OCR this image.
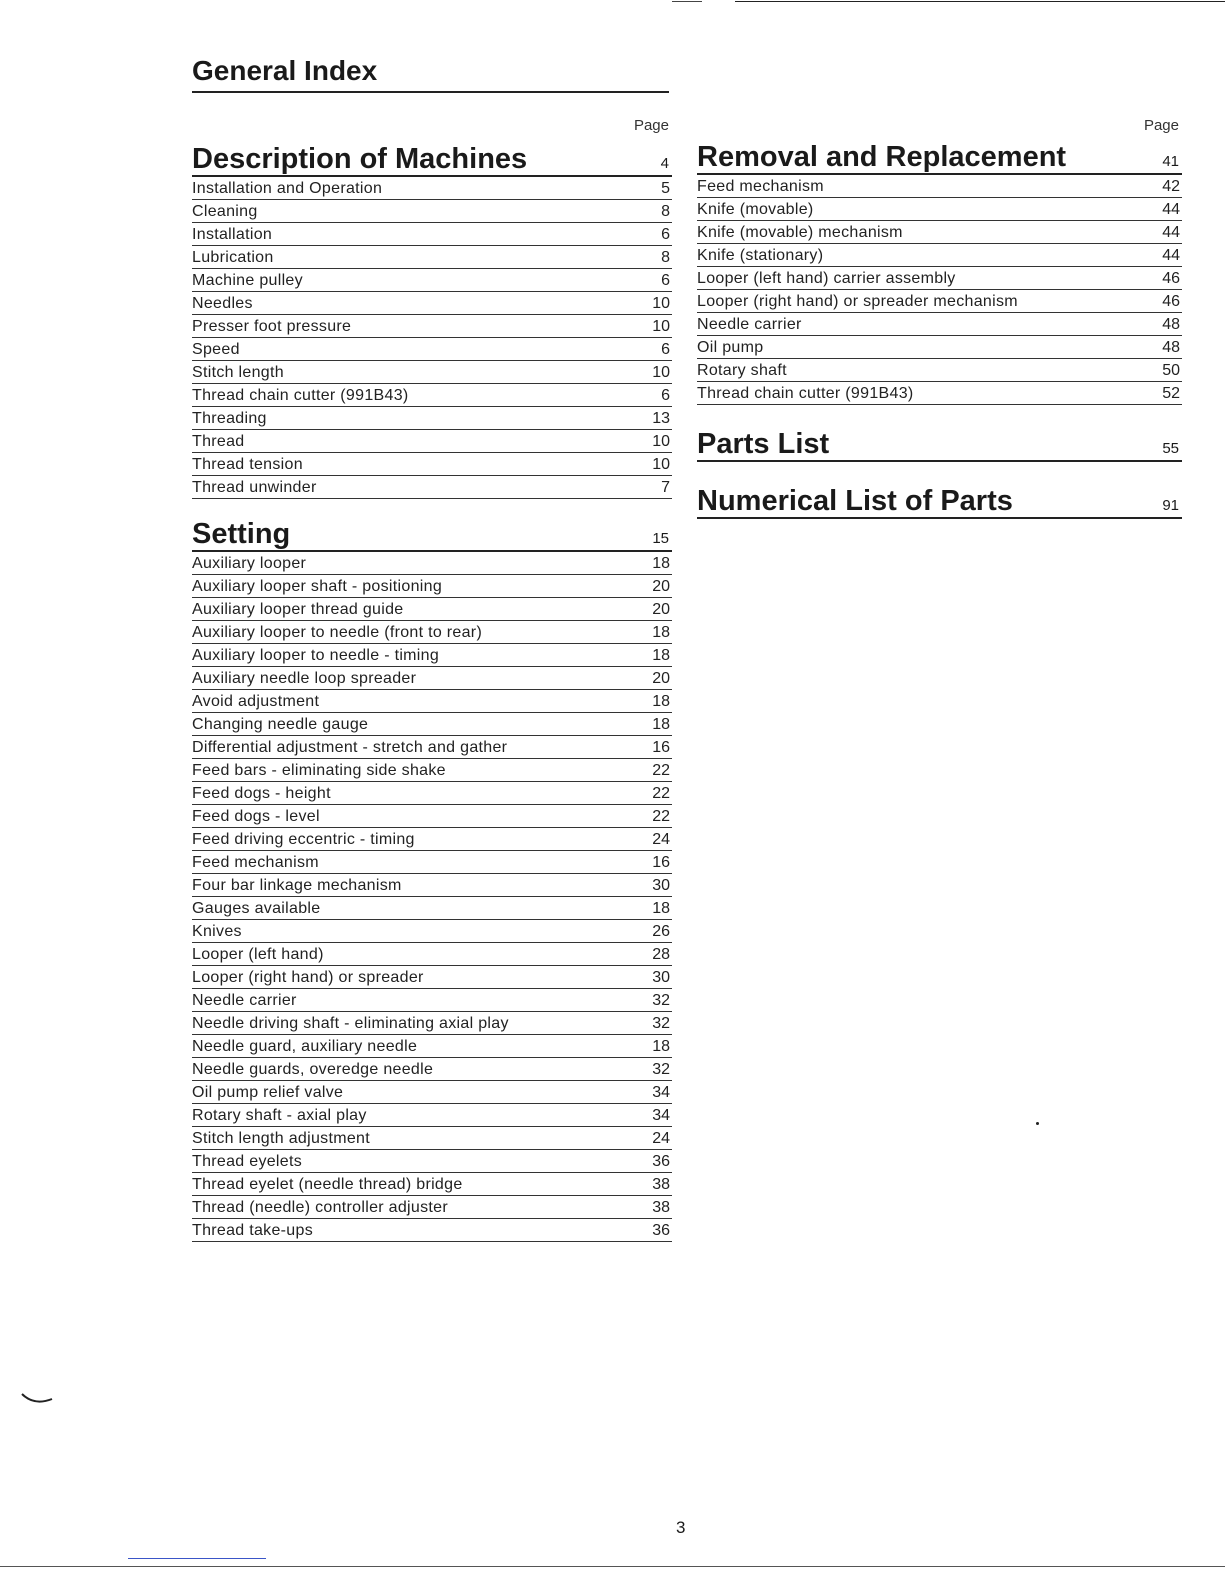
General Index
Page
Description of Machines	4
Installation and Operation	5
Cleaning	8
Installation	6
Lubrication	8
Machine pulley	6
Needles	10
Presser foot pressure	10
Speed	6
Stitch length	10
Thread chain cutter (991B43)	6
Threading	13
Thread	10
Thread tension	10
Thread unwinder	7
Setting	15
Auxiliary looper	18
Auxiliary looper shaft - positioning	20
Auxiliary looper thread guide	20
Auxiliary looper to needle (front to rear)	18
Auxiliary looper to needle - timing	18
Auxiliary needle loop spreader	20
Avoid adjustment	18
Changing needle gauge	18
Differential adjustment - stretch and gather	16
Feed bars - eliminating side shake	22
Feed dogs - height	22
Feed dogs - level	22
Feed driving eccentric - timing	24
Feed mechanism	16
Four bar linkage mechanism	30
Gauges available	18
Knives	26
Looper (left hand)	28
Looper (right hand) or spreader	30
Needle carrier	32
Needle driving shaft - eliminating axial play	32
Needle guard, auxiliary needle	18
Needle guards, overedge needle	32
Oil pump relief valve	34
Rotary shaft - axial play	34
Stitch length adjustment	24
Thread eyelets	36
Thread eyelet (needle thread) bridge	38
Thread (needle) controller adjuster	38
Thread take-ups	36
Page
Removal and Replacement	41
Feed mechanism	42
Knife (movable)	44
Knife (movable) mechanism	44
Knife (stationary)	44
Looper (left hand) carrier assembly	46
Looper (right hand) or spreader mechanism	46
Needle carrier	48
Oil pump	48
Rotary shaft	50
Thread chain cutter (991B43)	52
Parts List	55
Numerical List of Parts	91
3
